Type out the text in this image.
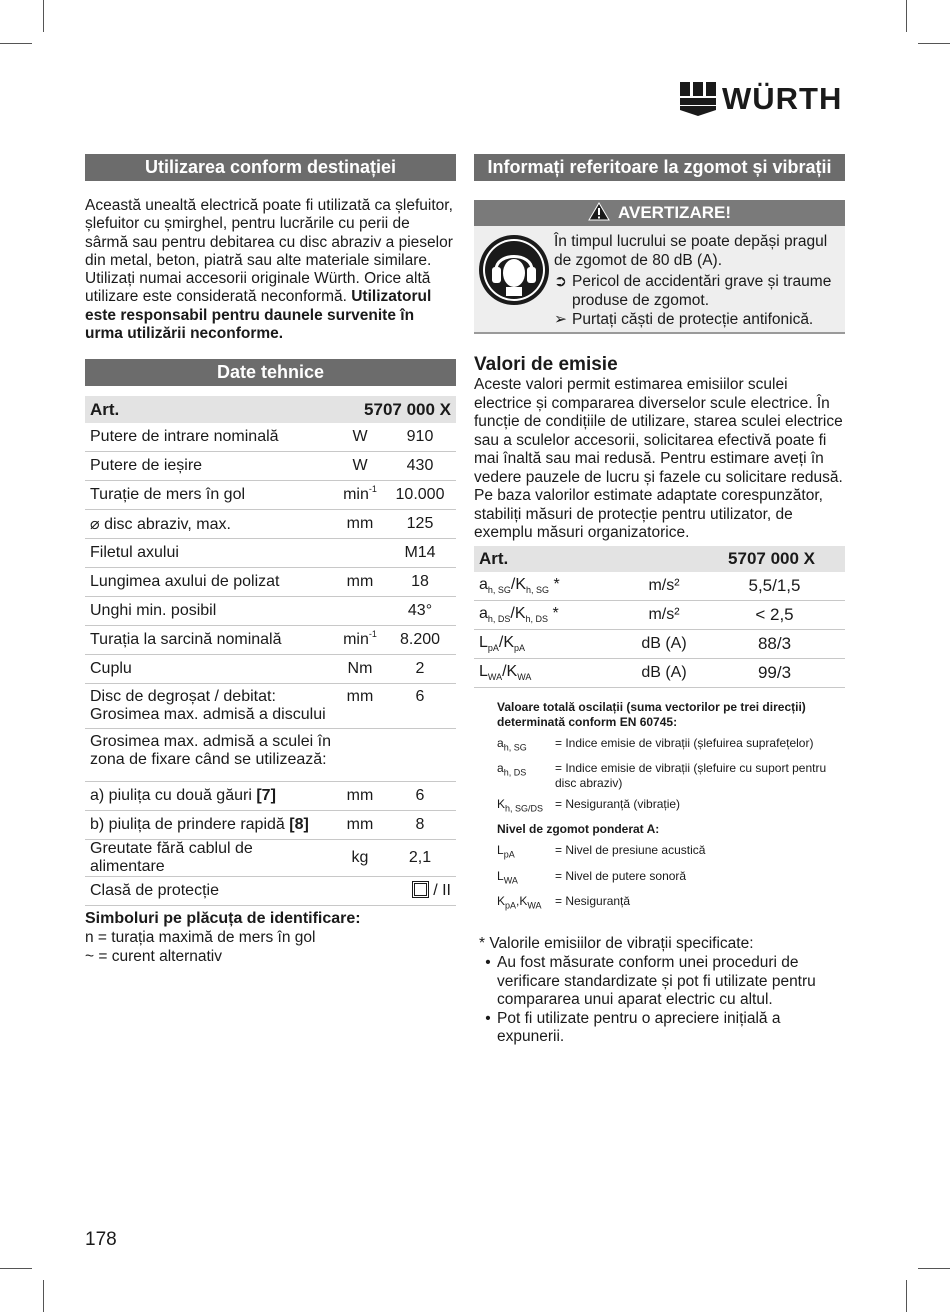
WÜRTH
Utilizarea conform destinației
Această unealtă electrică poate fi utilizată ca șlefuitor, șlefuitor cu șmirghel, pentru lucrările cu perii de sârmă sau pentru debitarea cu disc abraziv a pieselor din metal, beton, piatră sau alte materiale similare. Utilizați numai accesorii originale Würth. Orice altă utilizare este considerată neconformă. Utilizatorul este responsabil pentru daunele survenite în urma utilizării neconforme.
Date tehnice
Art.	5707 000 X	
Putere de intrare nominală	W	910
Putere de ieșire	W	430
Turație de mers în gol	$\min^{-1}$	10.000
⌀ disc abraziv, max.	mm	125
Filetul axului		M14
Lungimea axului de polizat	mm	18
Unghi min. posibil		43°
Turația la sarcină nominală	$\min^{-1}$	8.200
Cuplu	Nm	2
Disc de degroșat / debitat: Grosimea max. admisă a discului	mm	6
Grosimea max. admisă a sculei în zona de fixare când se utilizează:		
a) piulița cu două găuri [7]	mm	6
b) piulița de prindere rapidă [8]	mm	8
Greutate fără cablul de alimentare	kg	2,1
Clasă de protecție		/ II
Simboluri pe plăcuța de identificare:
n = turația maximă de mers în gol
~ = curent alternativ
Informați referitoare la zgomot și vibrații
AVERTIZARE!
În timpul lucrului se poate depăși pragul de zgomot de 80 dB (A).
➲ Pericol de accidentări grave și traume produse de zgomot.
➢ Purtați căști de protecție antifonică.
Valori de emisie
Aceste valori permit estimarea emisiilor sculei electrice și compararea diverselor scule electrice. În funcție de condițiile de utilizare, starea sculei electrice sau a sculelor accesorii, solicitarea efectivă poate fi mai înaltă sau mai redusă. Pentru estimare aveți în vedere pauzele de lucru și fazele cu solicitare redusă. Pe baza valorilor estimate adaptate corespunzător, stabiliți măsuri de protecție pentru utilizator, de exemplu măsuri organizatorice.
Art.	5707 000 X	
$a_{h, SG}/K_{h, SG}$ *	m/s²	5,5/1,5
$a_{h, DS}/K_{h, DS}$ *	m/s²	< 2,5
$L_{pA}/K_{pA}$	dB (A)	88/3
$L_{WA}/K_{WA}$	dB (A)	99/3
Valoare totală oscilații (suma vectorilor pe trei direcții) determinată conform EN 60745:
$a_{h, SG}$	= Indice emisie de vibrații (șlefuirea suprafețelor)
$a_{h, DS}$	= Indice emisie de vibrații (șlefuire cu suport pentru disc abraziv)
$K_{h, SG/DS}$ = Nesiguranță (vibrație)
Nivel de zgomot ponderat A:
$L_{pA}$	= Nivel de presiune acustică
$L_{WA}$	= Nivel de putere sonoră
$K_{pA},K_{WA}$	= Nesiguranță
* Valorile emisiilor de vibrații specificate:
• Au fost măsurate conform unei proceduri de verificare standardizate și pot fi utilizate pentru compararea unui aparat electric cu altul.
• Pot fi utilizate pentru o apreciere inițială a expunerii.
178
